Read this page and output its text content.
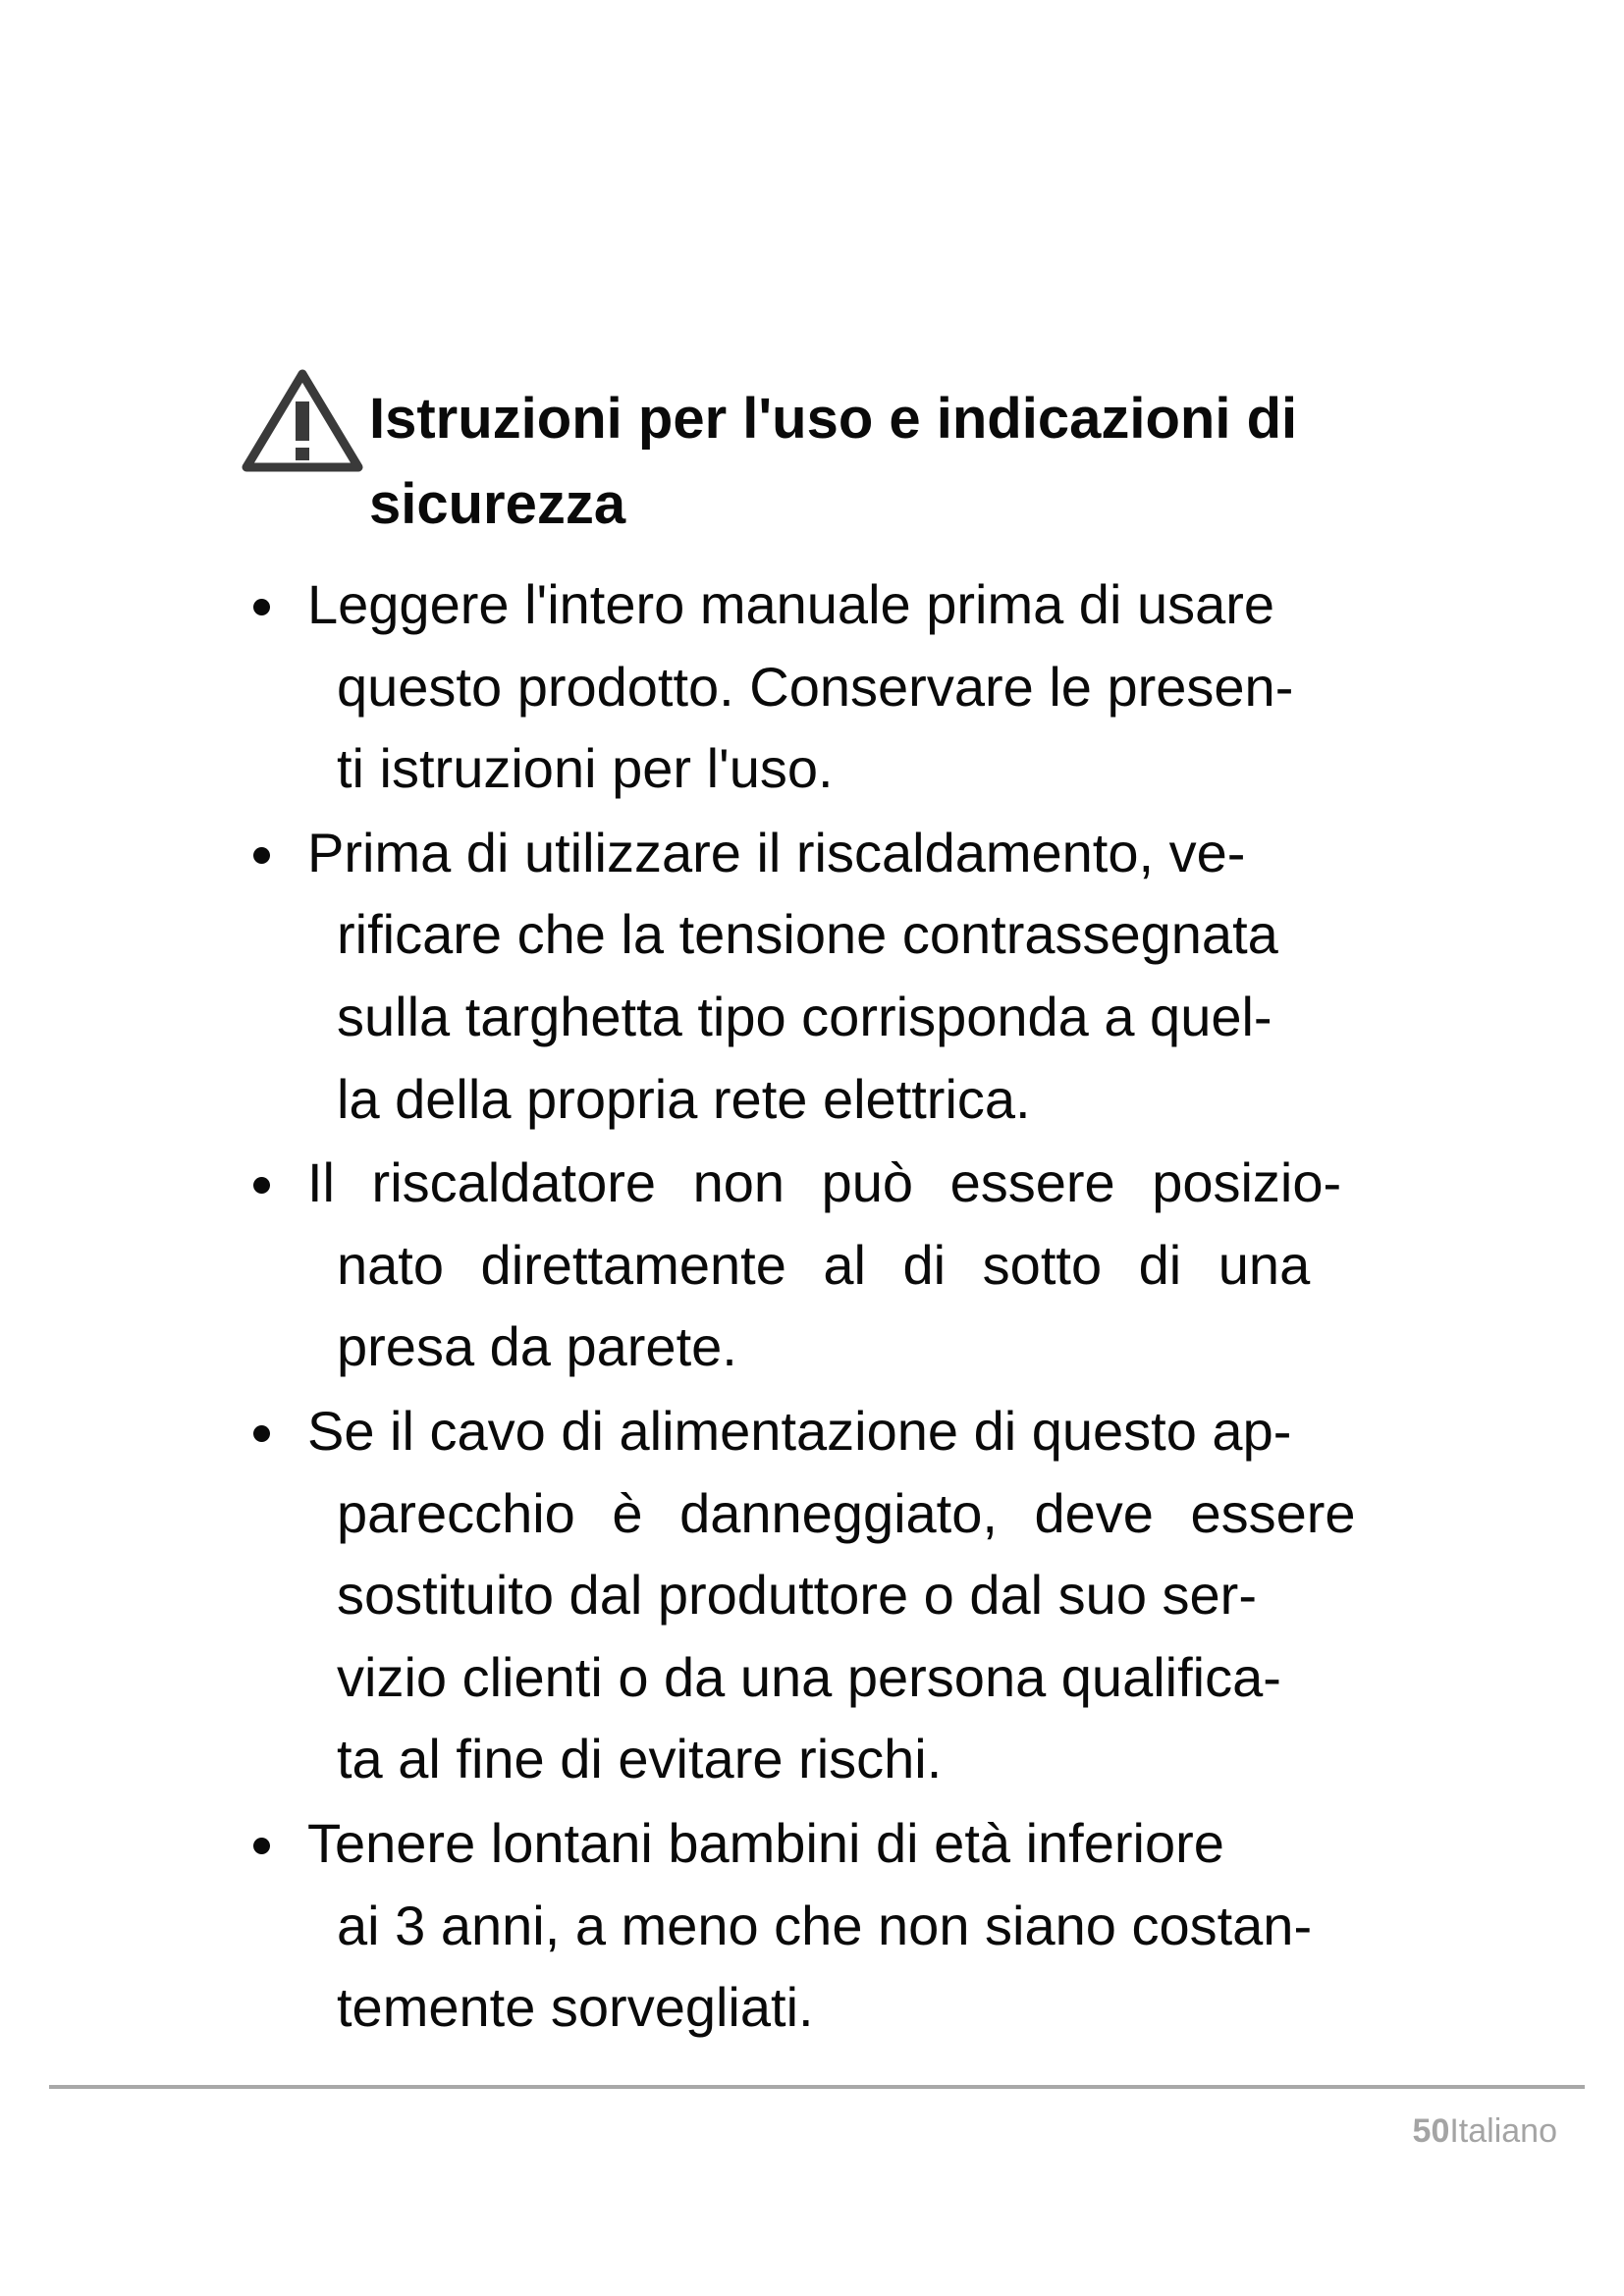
Istruzioni per l'uso e indicazioni di sicurezza
Leggere l'intero manuale prima di usare
questo prodotto. Conservare le presen-
ti istruzioni per l'uso.
Prima di utilizzare il riscaldamento, ve-
rificare che la tensione contrassegnata
sulla targhetta tipo corrisponda a quel-
la della propria rete elettrica.
Il riscaldatore non può essere posizio-
nato direttamente al di sotto di una
presa da parete.
Se il cavo di alimentazione di questo ap-
parecchio è danneggiato, deve essere
sostituito dal produttore o dal suo ser-
vizio clienti o da una persona qualifica-
ta al fine di evitare rischi.
Tenere lontani bambini di età inferiore
ai 3 anni, a meno che non siano costan-
temente sorvegliati.
50Italiano
